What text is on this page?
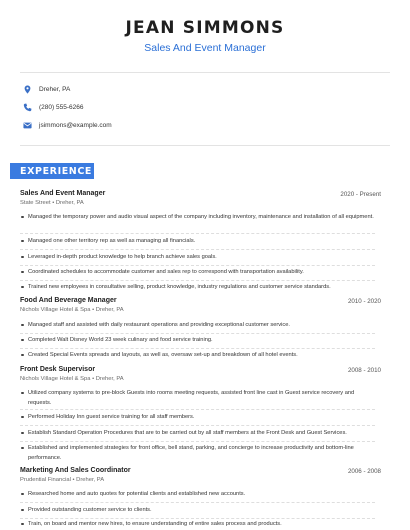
JEAN SIMMONS
Sales And Event Manager
Dreher, PA
(280) 555-6266
jsimmons@example.com
EXPERIENCE
Sales And Event Manager	2020 - Present
State Street • Dreher, PA
Managed the temporary power and audio visual aspect of the company including inventory, maintenance and installation of all equipment.
Managed one other territory rep as well as managing all financials.
Leveraged in-depth product knowledge to help branch achieve sales goals.
Coordinated schedules to accommodate customer and sales rep to correspond with transportation availability.
Trained new employees in consultative selling, product knowledge, industry regulations and customer service standards.
Food And Beverage Manager	2010 - 2020
Nichols Village Hotel & Spa • Dreher, PA
Managed staff and assisted with daily restaurant operations and providing exceptional customer service.
Completed Walt Disney World 23 week culinary and food service training.
Created Special Events spreads and layouts, as well as, oversaw set-up and breakdown of all hotel events.
Front Desk Supervisor	2008 - 2010
Nichols Village Hotel & Spa • Dreher, PA
Utilized company systems to pre-block Guests into rooms meeting requests, assisted front line cast in Guest service recovery and requests.
Performed Holiday Inn guest service training for all staff members.
Establish Standard Operation Procedures that are to be carried out by all staff members at the Front Desk and Guest Services.
Established and implemented strategies for front office, bell stand, parking, and concierge to increase productivity and bottom-line performance.
Marketing And Sales Coordinator	2006 - 2008
Prudential Financial • Dreher, PA
Researched home and auto quotes for potential clients and established new accounts.
Provided outstanding customer service to clients.
Train, on board and mentor new hires, to ensure understanding of entire sales process and products.
